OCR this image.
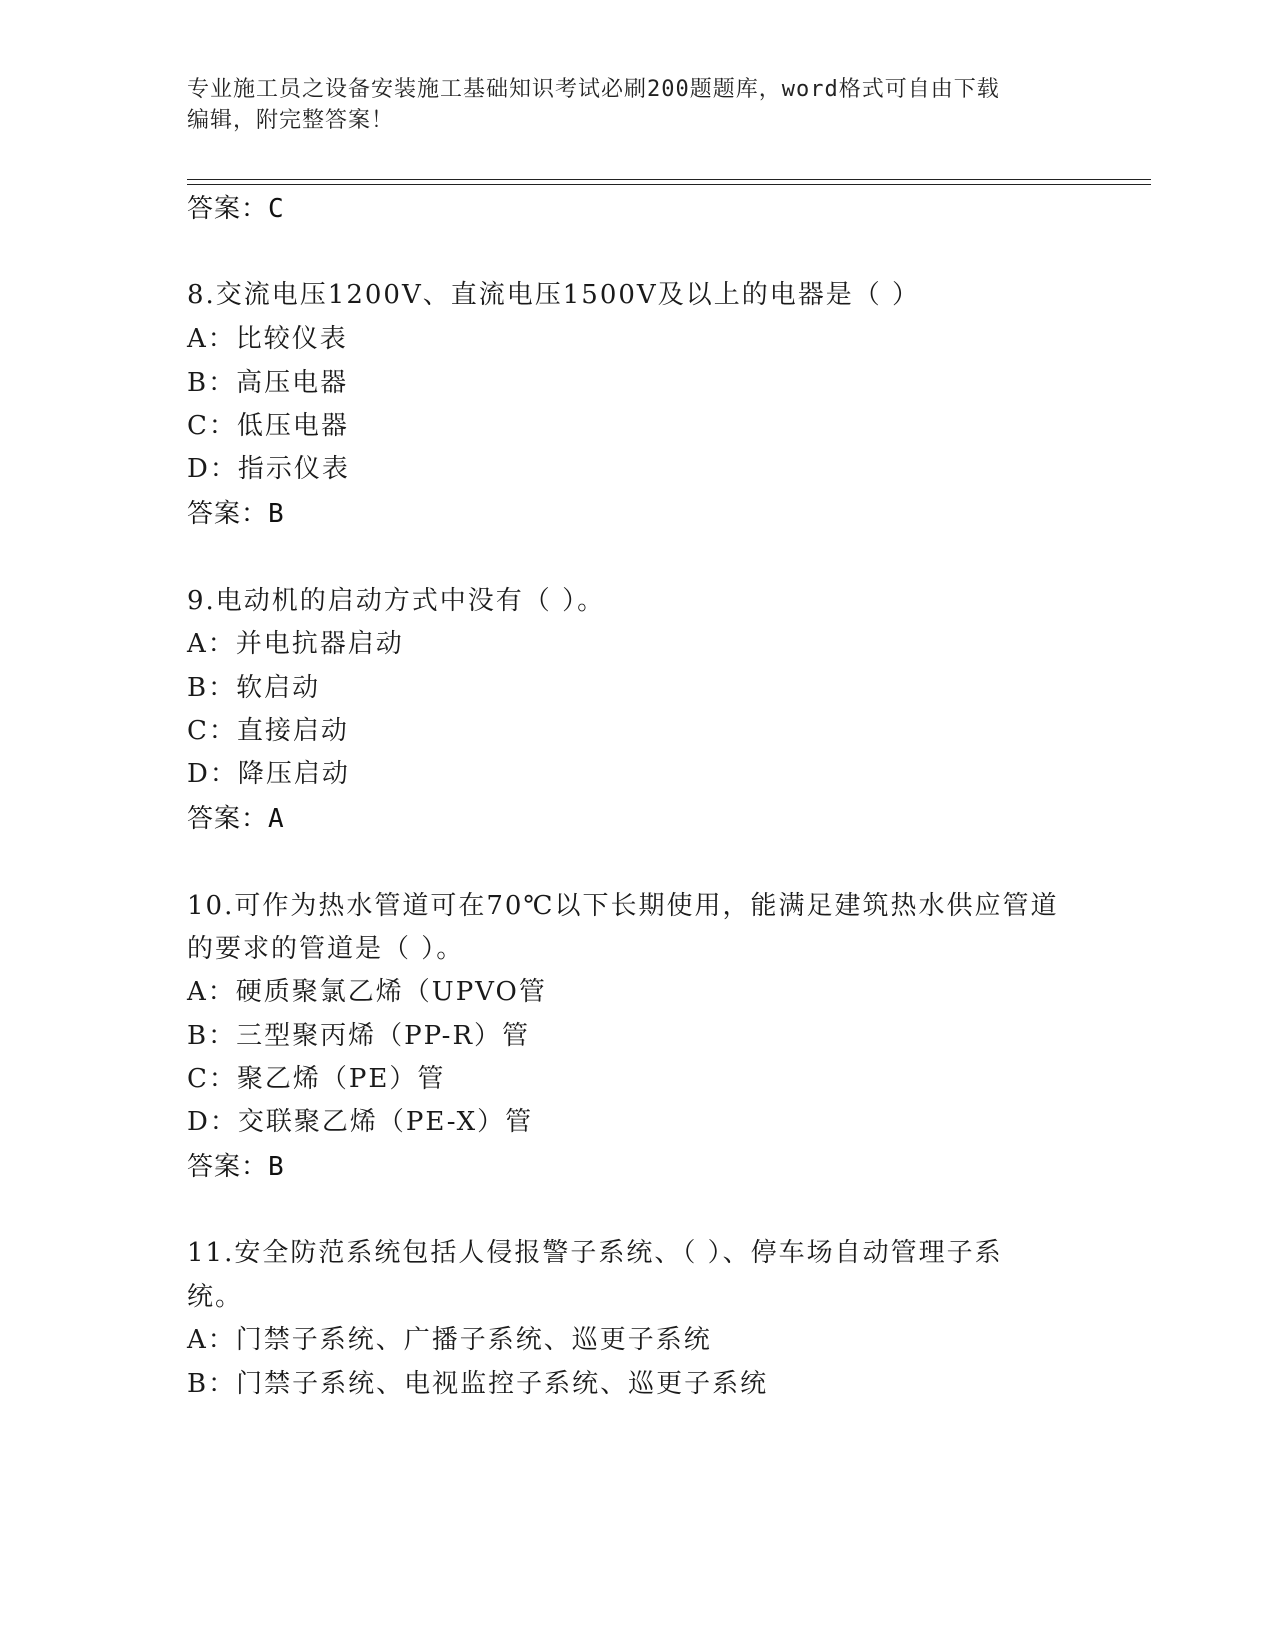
专业施工员之设备安装施工基础知识考试必刷200题题库，word格式可自由下载
编辑，附完整答案！
答案：C
8.交流电压1200V、直流电压1500V及以上的电器是（ ）
A：比较仪表
B：高压电器
C：低压电器
D：指示仪表
答案：B
9.电动机的启动方式中没有（ ）。
A：并电抗器启动
B：软启动
C：直接启动
D：降压启动
答案：A
10.可作为热水管道可在70℃以下长期使用，能满足建筑热水供应管道
的要求的管道是（ ）。
A：硬质聚氯乙烯（UPVO管
B：三型聚丙烯（PP-R）管
C：聚乙烯（PE）管
D：交联聚乙烯（PE-X）管
答案：B
11.安全防范系统包括人侵报警子系统、（ ）、停车场自动管理子系
统。
A：门禁子系统、广播子系统、巡更子系统
B：门禁子系统、电视监控子系统、巡更子系统
